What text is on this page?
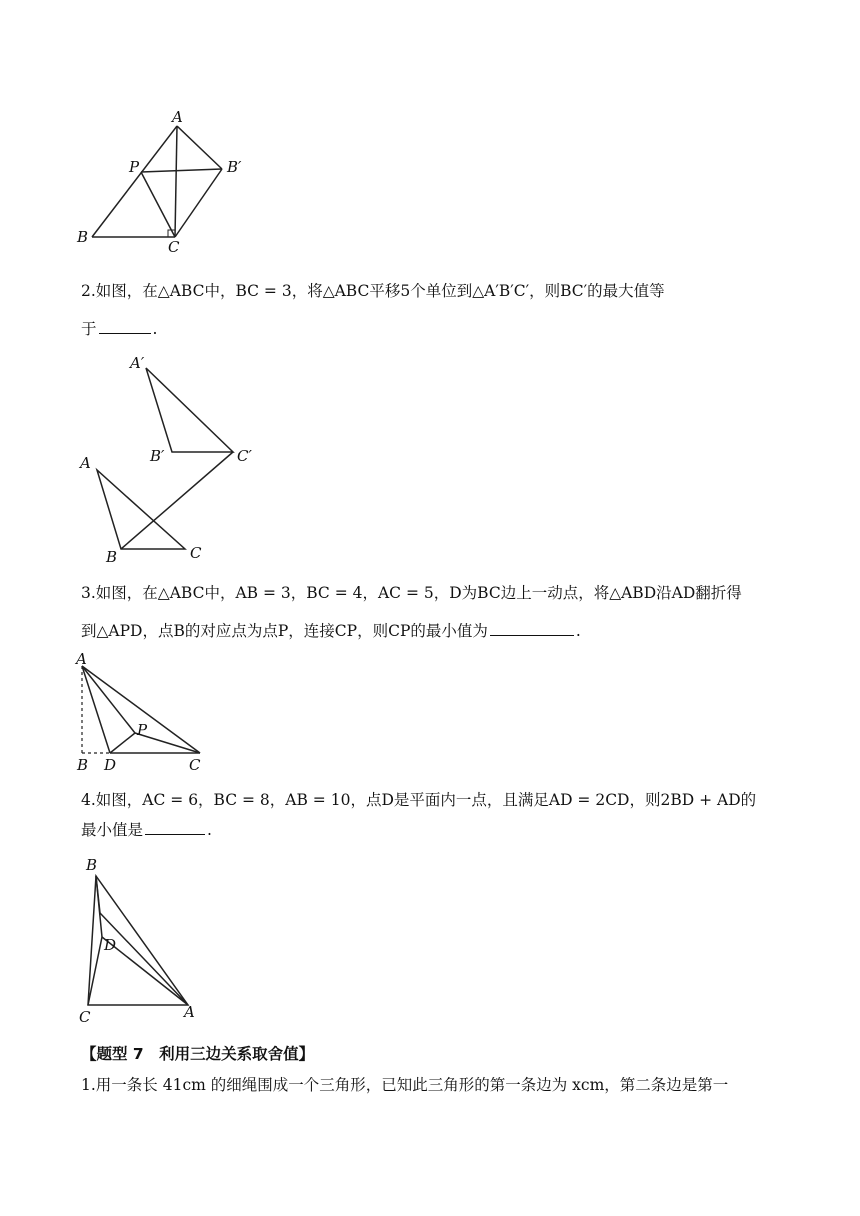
A
P	B′
B
C
2.如图，在△ABC中，BC = 3，将△ABC平移5个单位到△A′B′C′，则BC′的最大值等
于	.
A′
B′	C′
A
B	C
3.如图，在△ABC中，AB = 3，BC = 4，AC = 5，D为BC边上一动点，将△ABD沿AD翻折得
到△APD，点B的对应点为点P，连接CP，则CP的最小值为	.
A
P
B D	C
4.如图，AC = 6，BC = 8，AB = 10，点D是平面内一点，且满足AD = 2CD，则2BD + AD的
最小值是	.
B
D
C	A
【题型 7　利用三边关系取舍值】
1.用一条长 41cm 的细绳围成一个三角形，已知此三角形的第一条边为 xcm，第二条边是第一
